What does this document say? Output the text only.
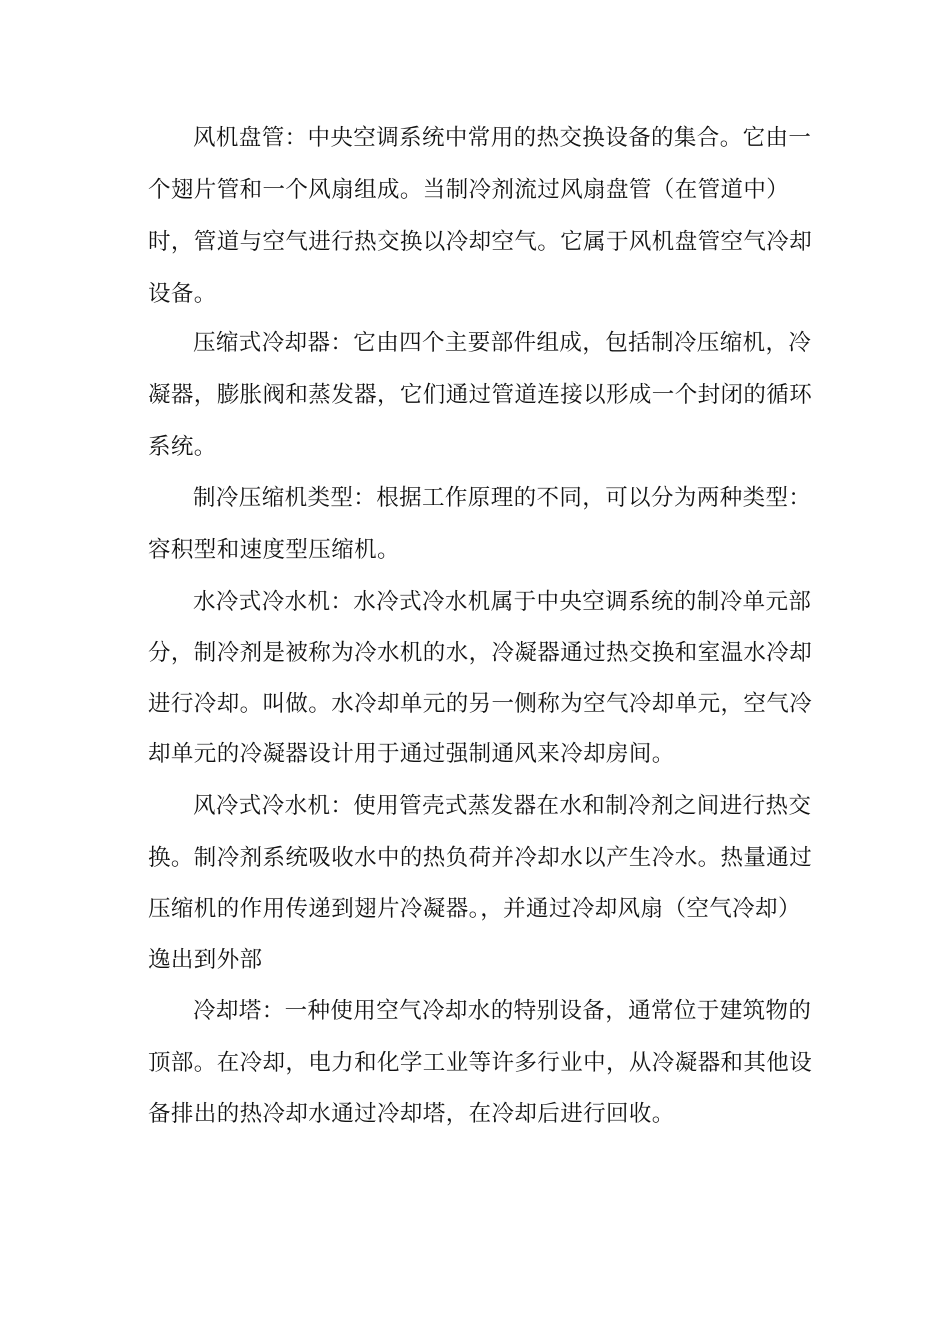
风机盘管：中央空调系统中常用的热交换设备的集合。它由一
个翅片管和一个风扇组成。当制冷剂流过风扇盘管（在管道中）
时，管道与空气进行热交换以冷却空气。它属于风机盘管空气冷却
设备。
压缩式冷却器：它由四个主要部件组成，包括制冷压缩机，冷
凝器，膨胀阀和蒸发器，它们通过管道连接以形成一个封闭的循环
系统。
制冷压缩机类型：根据工作原理的不同，可以分为两种类型：
容积型和速度型压缩机。
水冷式冷水机：水冷式冷水机属于中央空调系统的制冷单元部
分，制冷剂是被称为冷水机的水，冷凝器通过热交换和室温水冷却
进行冷却。叫做。水冷却单元的另一侧称为空气冷却单元，空气冷
却单元的冷凝器设计用于通过强制通风来冷却房间。
风冷式冷水机：使用管壳式蒸发器在水和制冷剂之间进行热交
换。制冷剂系统吸收水中的热负荷并冷却水以产生冷水。热量通过
压缩机的作用传递到翅片冷凝器。，并通过冷却风扇（空气冷却）
逸出到外部
冷却塔：一种使用空气冷却水的特别设备，通常位于建筑物的
顶部。在冷却，电力和化学工业等许多行业中，从冷凝器和其他设
备排出的热冷却水通过冷却塔，在冷却后进行回收。
